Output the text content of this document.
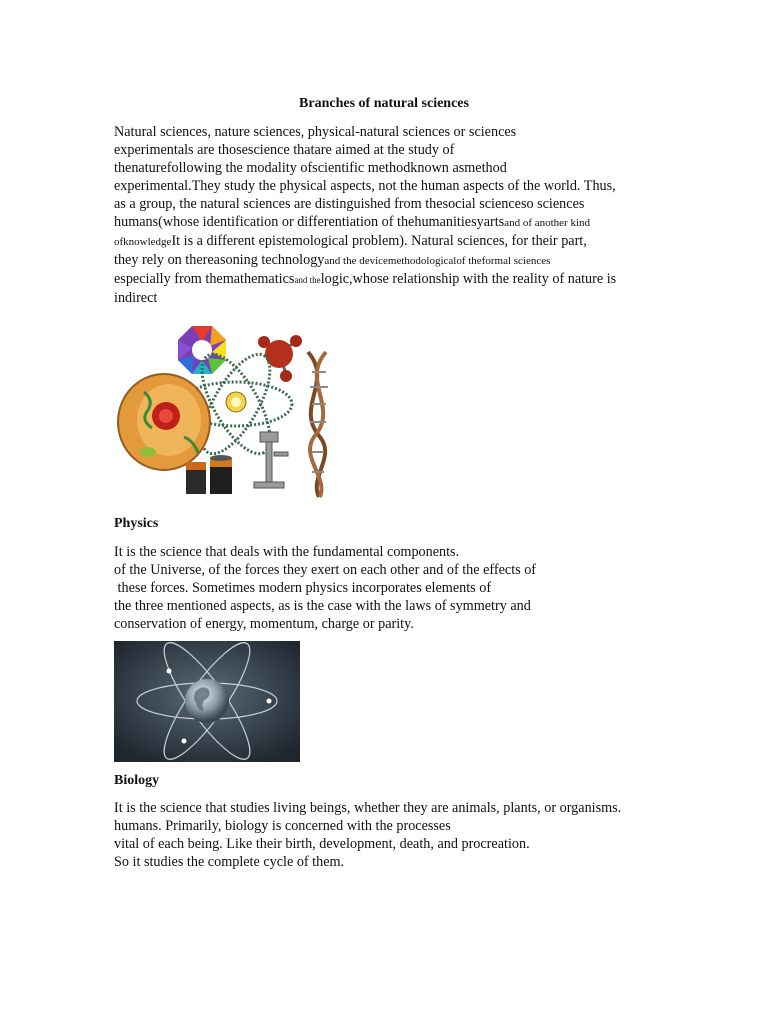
Branches of natural sciences
Natural sciences, nature sciences, physical-natural sciences or sciences
experimentals are thosescience thatare aimed at the study of
thenaturefollowing the modality ofscientific methodknown asmethod
experimental.They study the physical aspects, not the human aspects of the world. Thus,
as a group, the natural sciences are distinguished from thesocial scienceso sciences
humans(whose identification or differentiation of thehumanitiesyartsand of another kind
ofknowledgeIt is a different epistemological problem). Natural sciences, for their part,
they rely on thereasoning technologyand the devicemethodologicalof theformal sciences
especially from themathematicsand thelogic,whose relationship with the reality of nature is
indirect
Physics
It is the science that deals with the fundamental components.
of the Universe, of the forces they exert on each other and of the effects of
these forces. Sometimes modern physics incorporates elements of
the three mentioned aspects, as is the case with the laws of symmetry and
conservation of energy, momentum, charge or parity.
Biology
It is the science that studies living beings, whether they are animals, plants, or organisms.
humans. Primarily, biology is concerned with the processes
vital of each being. Like their birth, development, death, and procreation.
So it studies the complete cycle of them.
